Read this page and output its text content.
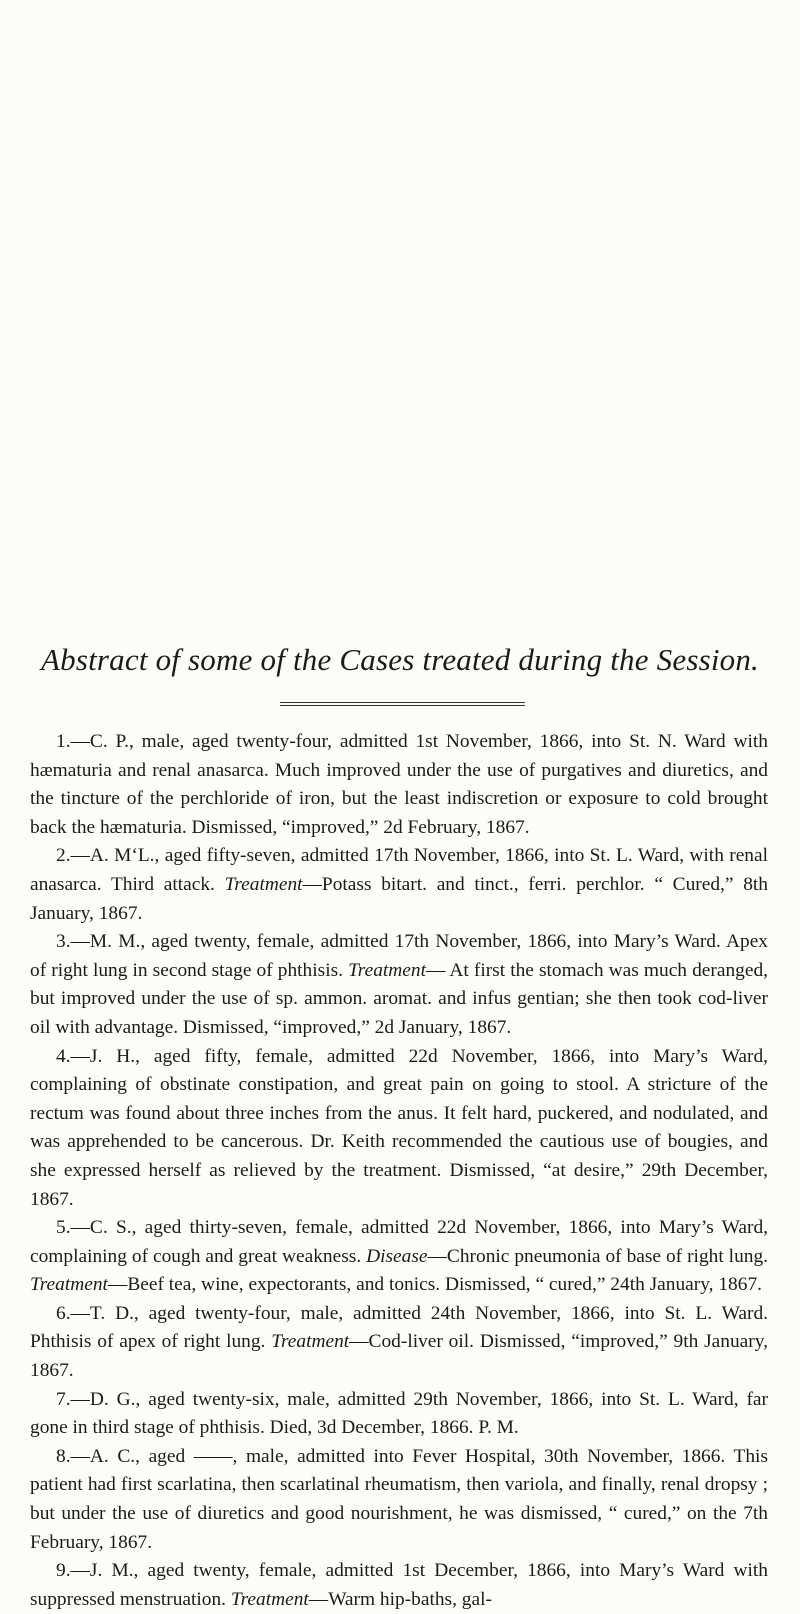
Abstract of some of the Cases treated during the Session.

1.—C. P., male, aged twenty-four, admitted 1st November, 1866, into St. N. Ward with hæmaturia and renal anasarca. Much improved under the use of purgatives and diuretics, and the tincture of the perchloride of iron, but the least indiscretion or exposure to cold brought back the hæmaturia. Dismissed, “improved,” 2d February, 1867.

2.—A. M‘L., aged fifty-seven, admitted 17th November, 1866, into St. L. Ward, with renal anasarca. Third attack. Treatment—Potass bitart. and tinct., ferri. perchlor. “ Cured,” 8th January, 1867.

3.—M. M., aged twenty, female, admitted 17th November, 1866, into Mary’s Ward. Apex of right lung in second stage of phthisis. Treatment— At first the stomach was much deranged, but improved under the use of sp. ammon. aromat. and infus gentian; she then took cod-liver oil with advantage. Dismissed, “improved,” 2d January, 1867.

4.—J. H., aged fifty, female, admitted 22d November, 1866, into Mary’s Ward, complaining of obstinate constipation, and great pain on going to stool. A stricture of the rectum was found about three inches from the anus. It felt hard, puckered, and nodulated, and was apprehended to be cancerous. Dr. Keith recommended the cautious use of bougies, and she expressed herself as relieved by the treatment. Dismissed, “at desire,” 29th December, 1867.

5.—C. S., aged thirty-seven, female, admitted 22d November, 1866, into Mary’s Ward, complaining of cough and great weakness. Disease—Chronic pneumonia of base of right lung. Treatment—Beef tea, wine, expectorants, and tonics. Dismissed, “ cured,” 24th January, 1867.

6.—T. D., aged twenty-four, male, admitted 24th November, 1866, into St. L. Ward. Phthisis of apex of right lung. Treatment—Cod-liver oil. Dismissed, “improved,” 9th January, 1867.

7.—D. G., aged twenty-six, male, admitted 29th November, 1866, into St. L. Ward, far gone in third stage of phthisis. Died, 3d December, 1866. P. M.

8.—A. C., aged ——, male, admitted into Fever Hospital, 30th November, 1866. This patient had first scarlatina, then scarlatinal rheumatism, then variola, and finally, renal dropsy ; but under the use of diuretics and good nourishment, he was dismissed, “ cured,” on the 7th February, 1867.

9.—J. M., aged twenty, female, admitted 1st December, 1866, into Mary’s Ward with suppressed menstruation. Treatment—Warm hip-baths, gal-
